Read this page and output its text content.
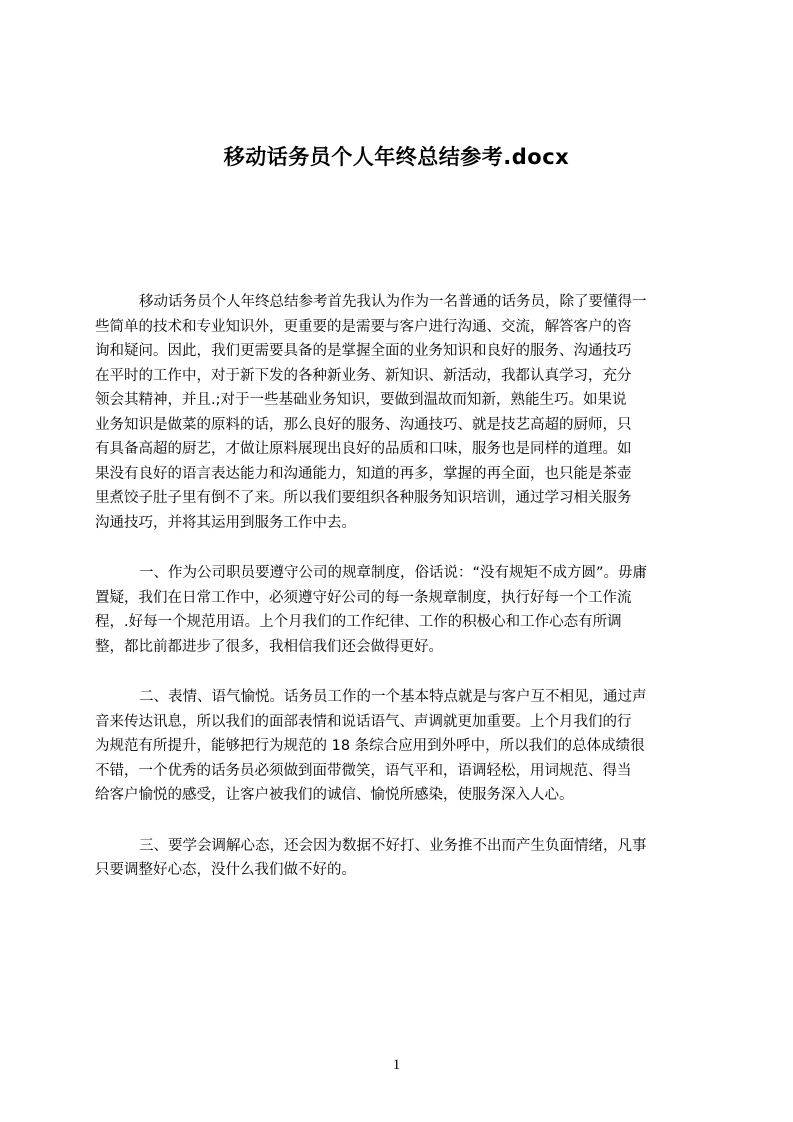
移动话务员个人年终总结参考.docx

移动话务员个人年终总结参考首先我认为作为一名普通的话务员，除了要懂得一
些简单的技术和专业知识外，更重要的是需要与客户进行沟通、交流，解答客户的咨
询和疑问。因此，我们更需要具备的是掌握全面的业务知识和良好的服务、沟通技巧
在平时的工作中，对于新下发的各种新业务、新知识、新活动，我都认真学习，充分
领会其精神，并且.;对于一些基础业务知识，要做到温故而知新，熟能生巧。如果说
业务知识是做菜的原料的话，那么良好的服务、沟通技巧、就是技艺高超的厨师，只
有具备高超的厨艺，才做让原料展现出良好的品质和口味，服务也是同样的道理。如
果没有良好的语言表达能力和沟通能力，知道的再多，掌握的再全面，也只能是茶壶
里煮饺子肚子里有倒不了来。所以我们要组织各种服务知识培训，通过学习相关服务
沟通技巧，并将其运用到服务工作中去。

一、作为公司职员要遵守公司的规章制度，俗话说：“没有规矩不成方圆”。毋庸
置疑，我们在日常工作中，必须遵守好公司的每一条规章制度，执行好每一个工作流
程，.好每一个规范用语。上个月我们的工作纪律、工作的积极心和工作心态有所调
整，都比前都进步了很多，我相信我们还会做得更好。

二、表情、语气愉悦。话务员工作的一个基本特点就是与客户互不相见，通过声
音来传达讯息，所以我们的面部表情和说话语气、声调就更加重要。上个月我们的行
为规范有所提升，能够把行为规范的 18 条综合应用到外呼中，所以我们的总体成绩很
不错，一个优秀的话务员必须做到面带微笑，语气平和，语调轻松，用词规范、得当
给客户愉悦的感受，让客户被我们的诚信、愉悦所感染，使服务深入人心。

三、要学会调解心态，还会因为数据不好打、业务推不出而产生负面情绪，凡事
只要调整好心态，没什么我们做不好的。

1
